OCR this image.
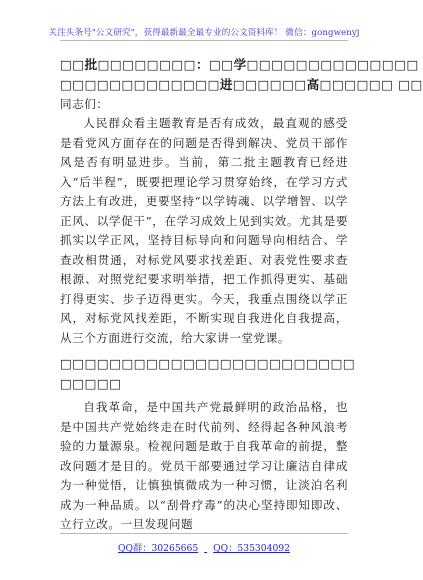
关注头条号"公文研究"，获得最新最全最专业的公文资料库！ 微信：gongwenyj
□□批□□□□□□□□：□□学□□□□□□□□□□□□□□
□□□□□□□□□□□□□进□□□□□□高□□□□□□ □□

同志们：

人民群众看主题教育是否有成效，最直观的感受是看党风方面存在的问题是否得到解决、党员干部作风是否有明显进步。当前，第二批主题教育已经进入“后半程”，既要把理论学习贯穿始终，在学习方式方法上有改进，更要坚持“以学铸魂、以学增智、以学正风、以学促干”，在学习成效上见到实效。尤其是要抓实以学正风，坚持目标导向和问题导向相结合、学查改相贯通，对标党风要求找差距、对表党性要求查根源、对照党纪要求明举措，把工作抓得更实、基础打得更实、步子迈得更实。今天，我重点围绕以学正风，对标党风找差距，不断实现自我进化自我提高，从三个方面进行交流，给大家讲一堂党课。

□□□□□□□□□□□□□□□□□□□□□□□□
□□□□□

自我革命，是中国共产党最鲜明的政治品格，也是中国共产党始终走在时代前列、经得起各种风浪考验的力量源泉。检视问题是敢于自我革命的前提，整改问题才是目的。党员干部要通过学习让廉洁自律成为一种觉悟，让慎独慎微成为一种习惯，让淡泊名利成为一种品质。以“刮骨疗毒”的决心坚持即知即改、立行立改。一旦发现问题

QQ群：30265665 QQ：535304092
